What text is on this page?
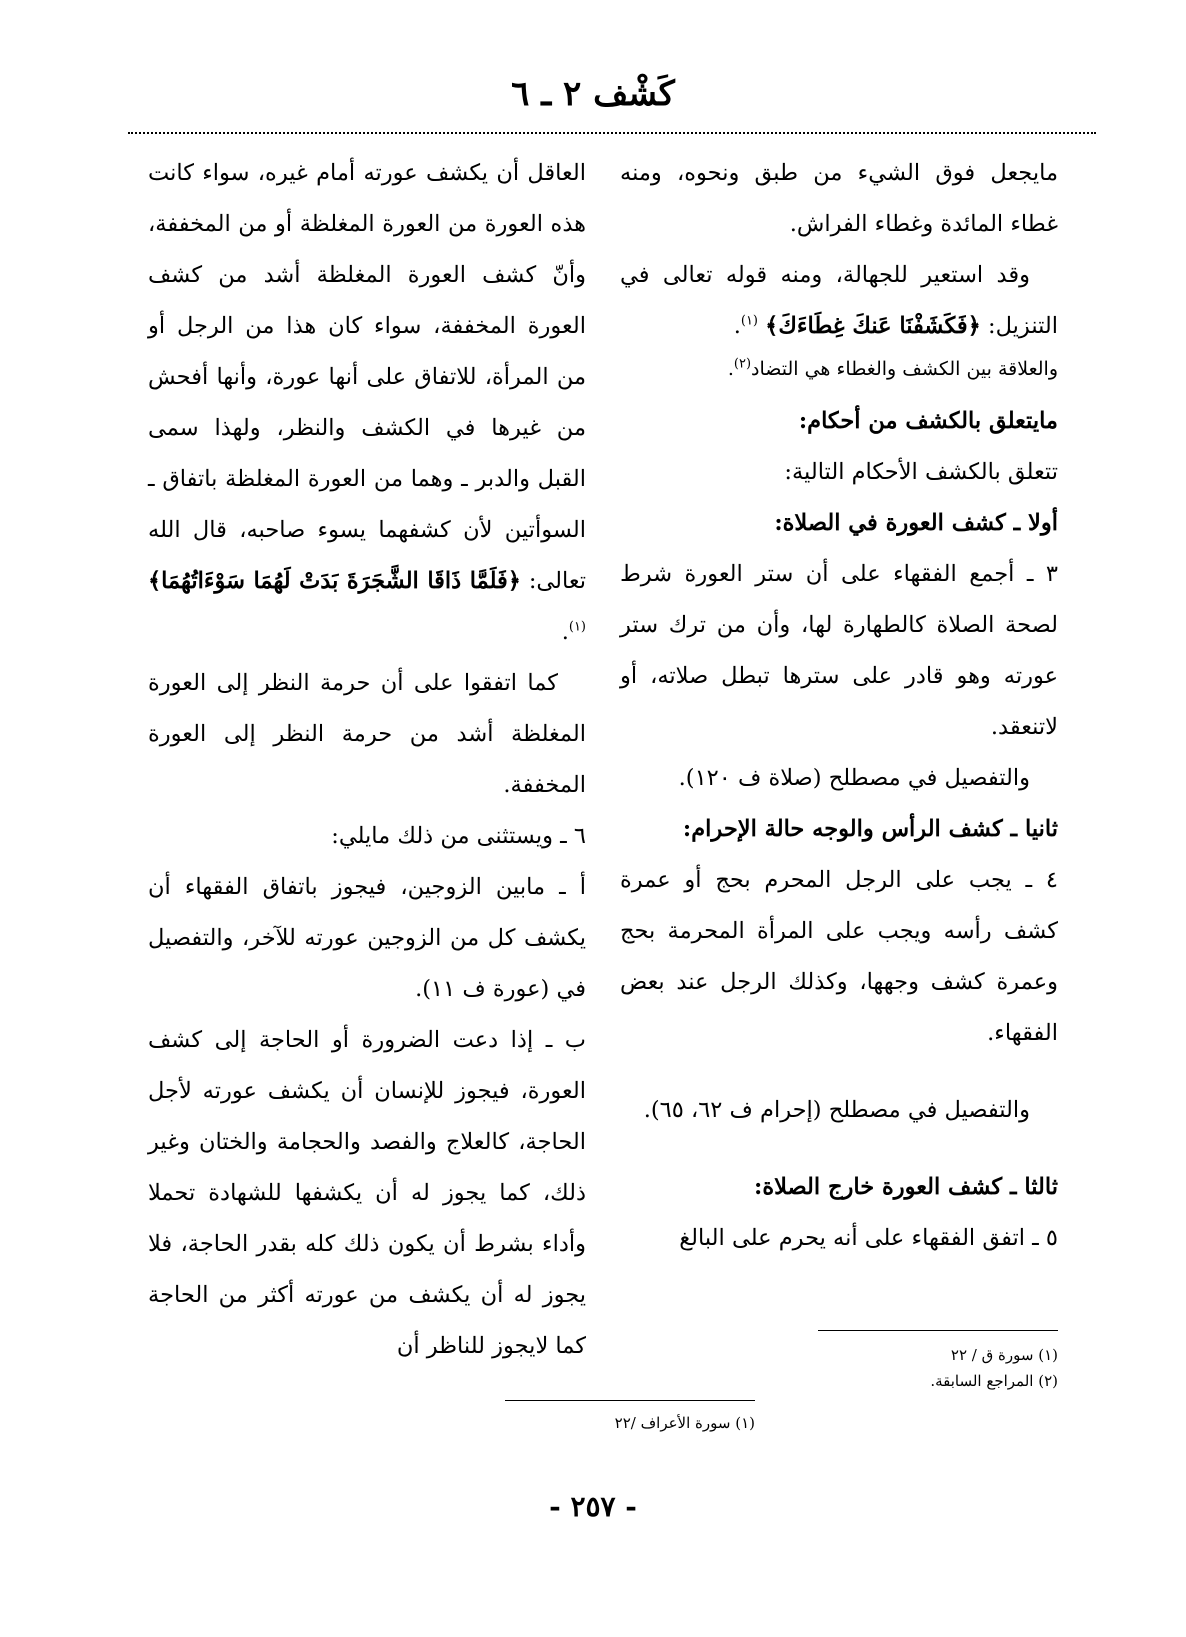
كَشْف ٢ ـ ٦

مايجعل فوق الشيء من طبق ونحوه، ومنه غطاء المائدة وغطاء الفراش.

وقد استعير للجهالة، ومنه قوله تعالى في التنزيل: ﴿فَكَشَفْنَا عَنكَ غِطَاءَكَ﴾ $^{(١)}$.

والعلاقة بين الكشف والغطاء هي التضاد$^{(٢)}$.

مايتعلق بالكشف من أحكام:

تتعلق بالكشف الأحكام التالية:

أولا ـ كشف العورة في الصلاة:

٣ ـ أجمع الفقهاء على أن ستر العورة شرط لصحة الصلاة كالطهارة لها، وأن من ترك ستر عورته وهو قادر على سترها تبطل صلاته، أو لاتنعقد.

والتفصيل في مصطلح (صلاة ف ١٢٠).

ثانيا ـ كشف الرأس والوجه حالة الإحرام:

٤ ـ يجب على الرجل المحرم بحج أو عمرة كشف رأسه ويجب على المرأة المحرمة بحج وعمرة كشف وجهها، وكذلك الرجل عند بعض الفقهاء.

والتفصيل في مصطلح (إحرام ف ٦٢، ٦٥).

ثالثا ـ كشف العورة خارج الصلاة:

٥ ـ اتفق الفقهاء على أنه يحرم على البالغ

العاقل أن يكشف عورته أمام غيره، سواء كانت هذه العورة من العورة المغلظة أو من المخففة، وأنّ كشف العورة المغلظة أشد من كشف العورة المخففة، سواء كان هذا من الرجل أو من المرأة، للاتفاق على أنها عورة، وأنها أفحش من غيرها في الكشف والنظر، ولهذا سمى القبل والدبر ـ وهما من العورة المغلظة باتفاق ـ السوأتين لأن كشفهما يسوء صاحبه، قال الله تعالى: ﴿فَلَمَّا ذَاقَا الشَّجَرَةَ بَدَتْ لَهُمَا سَوْءَاتُهُمَا﴾ $^{(١)}$.

كما اتفقوا على أن حرمة النظر إلى العورة المغلظة أشد من حرمة النظر إلى العورة المخففة.

٦ ـ ويستثنى من ذلك مايلي:

أ ـ مابين الزوجين، فيجوز باتفاق الفقهاء أن يكشف كل من الزوجين عورته للآخر، والتفصيل في (عورة ف ١١).

ب ـ إذا دعت الضرورة أو الحاجة إلى كشف العورة، فيجوز للإنسان أن يكشف عورته لأجل الحاجة، كالعلاج والفصد والحجامة والختان وغير ذلك، كما يجوز له أن يكشفها للشهادة تحملا وأداء بشرط أن يكون ذلك كله بقدر الحاجة، فلا يجوز له أن يكشف من عورته أكثر من الحاجة كما لايجوز للناظر أن	(١) سورة ق / ٢٢

(٢) المراجع السابقة.

(١) سورة الأعراف /٢٢

- ٢٥٧ -
